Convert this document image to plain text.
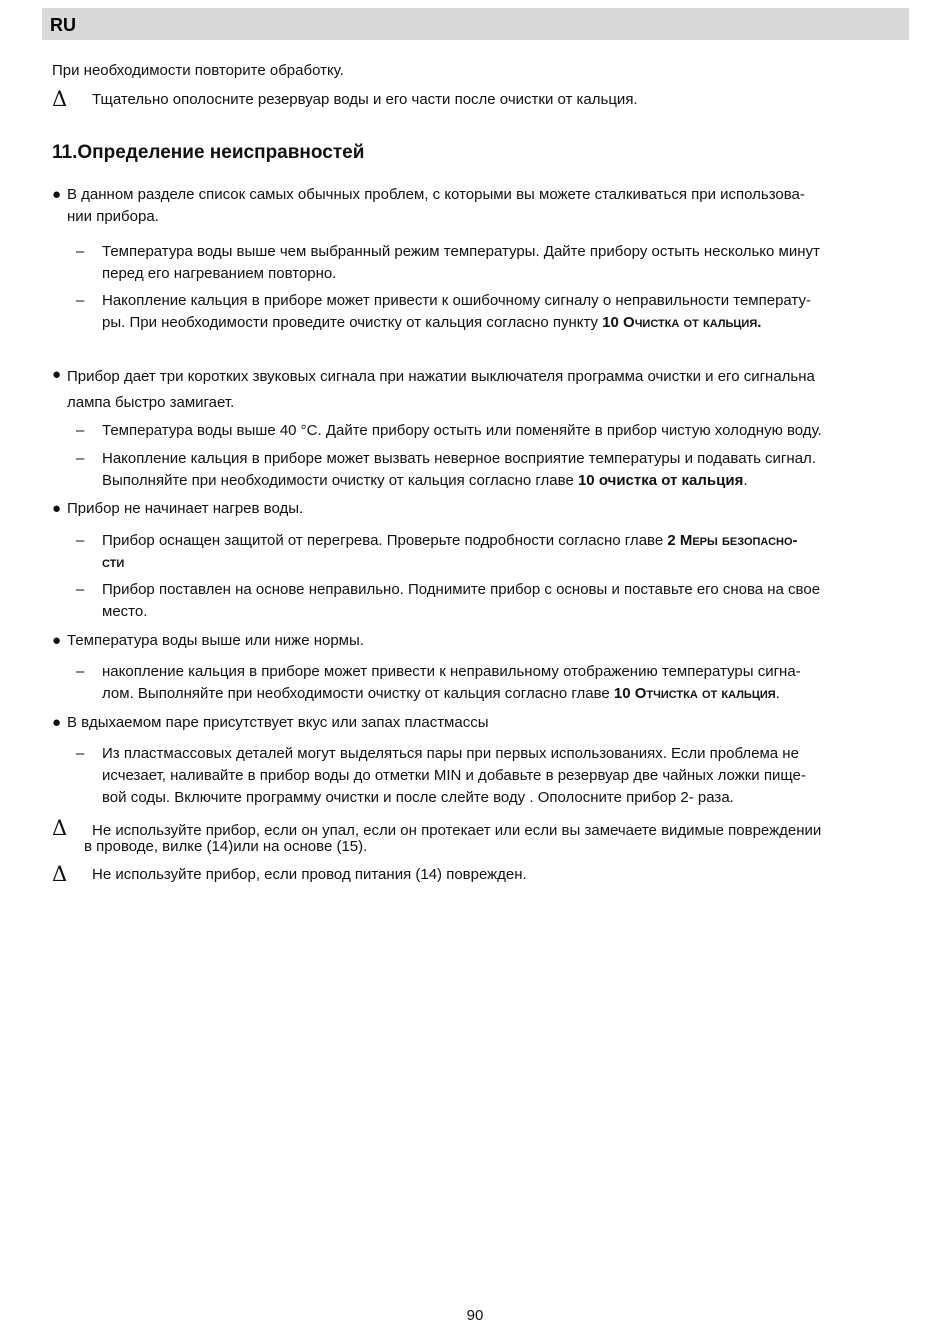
RU
При необходимости повторите обработку.
Δ Тщательно ополосните резервуар воды и его части после очистки от кальция.
11.Определение неисправностей
● В данном разделе список самых обычных проблем, с которыми вы можете сталкиваться при использова-
нии прибора.
– Температура воды выше чем выбранный режим температуры. Дайте прибору остыть несколько минут
перед его нагреванием повторно.
– Накопление кальция в приборе может привести к ошибочному сигналу о неправильности температу-
ры. При необходимости проведите очистку от кальция согласно пункту 10 Очистка от кальция.
● Прибор дает три коротких звуковых сигнала при нажатии выключателя программа очистки и его сигнальна
лампа быстро замигает.
– Температура воды выше 40 °C. Дайте прибору остыть или поменяйте в прибор чистую холодную воду.
– Накопление кальция в приборе может вызвать неверное восприятие температуры и подавать сигнал.
Выполняйте при необходимости очистку от кальция согласно главе 10 очистка от кальция.
● Прибор не начинает нагрев воды.
– Прибор оснащен защитой от перегрева. Проверьте подробности согласно главе 2 Меры безопасно-
сти
– Прибор поставлен на основе неправильно. Поднимите прибор с основы и поставьте его снова на свое
место.
● Температура воды выше или ниже нормы.
– накопление кальция в приборе может привести к неправильному отображению температуры сигна-
лом. Выполняйте при необходимости очистку от кальция согласно главе 10 Отчистка от кальция.
● В вдыхаемом паре присутствует вкус или запах пластмассы
– Из пластмассовых деталей могут выделяться пары при первых использованиях. Если проблема не
исчезает, наливайте в прибор воды до отметки MIN и добавьте в резервуар две чайных ложки пище-
вой соды. Включите программу очистки и после слейте воду . Ополосните прибор 2- раза.
Δ Не используйте прибор, если он упал, если он протекает или если вы замечаете видимые повреждении
в проводе, вилке (14)или на основе (15).
Δ Не используйте прибор, если провод питания (14) поврежден.
90
